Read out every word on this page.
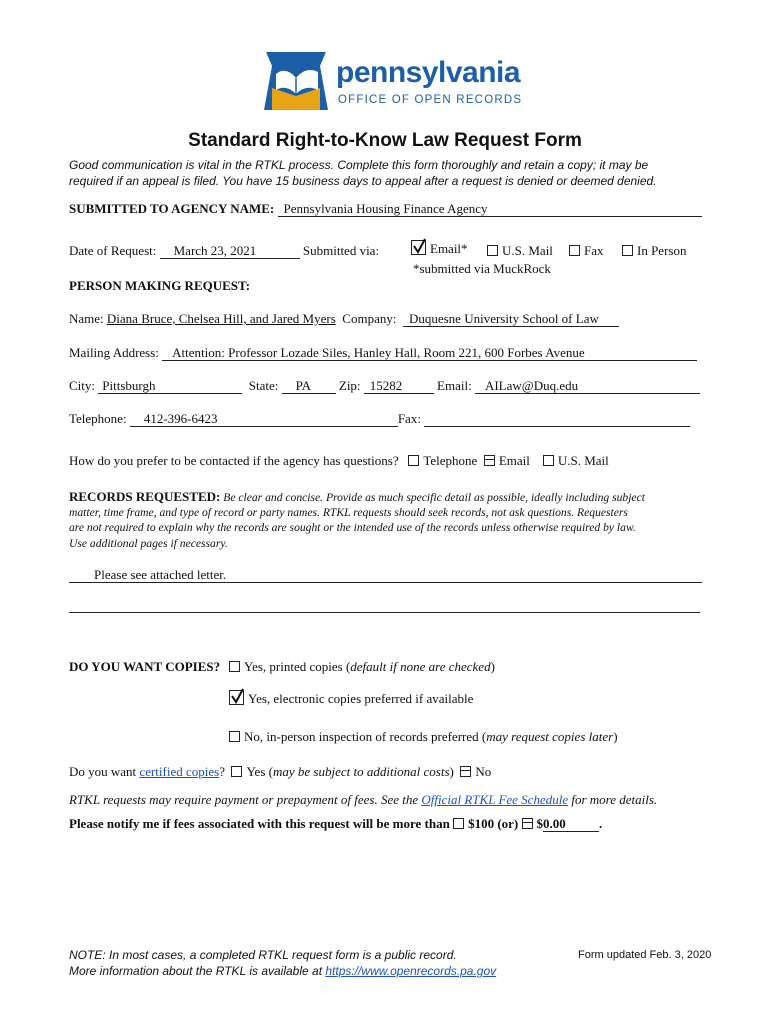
pennsylvania
OFFICE OF OPEN RECORDS
Standard Right-to-Know Law Request Form
Good communication is vital in the RTKL process. Complete this form thoroughly and retain a copy; it may be
required if an appeal is filed. You have 15 business days to appeal after a request is denied or deemed denied.
SUBMITTED TO AGENCY NAME: Pennsylvania Housing Finance Agency
Date of Request: March 23, 2021	Submitted via:	Email*	U.S. Mail	Fax	In Person
*submitted via MuckRock
PERSON MAKING REQUEST:
Name: Diana Bruce, Chelsea Hill, and Jared Myers Company: Duquesne University School of Law
Mailing Address: Attention: Professor Lozade Siles, Hanley Hall, Room 221, 600 Forbes Avenue
City: Pittsburgh	State: PA Zip: 15282	Email: AILaw@Duq.edu
Telephone: 412-396-6423	Fax:
How do you prefer to be contacted if the agency has questions? Telephone Email U.S. Mail
RECORDS REQUESTED: Be clear and concise. Provide as much specific detail as possible, ideally including subject
matter, time frame, and type of record or party names. RTKL requests should seek records, not ask questions. Requesters
are not required to explain why the records are sought or the intended use of the records unless otherwise required by law.
Use additional pages if necessary.
Please see attached letter.
DO YOU WANT COPIES?	Yes, printed copies (default if none are checked)
Yes, electronic copies preferred if available
No, in-person inspection of records preferred (may request copies later)
Do you want certified copies? Yes (may be subject to additional costs)  No
RTKL requests may require payment or prepayment of fees. See the Official RTKL Fee Schedule for more details.
Please notify me if fees associated with this request will be more than $100 (or) $0.00	.
NOTE: In most cases, a completed RTKL request form is a public record.
More information about the RTKL is available at https://www.openrecords.pa.gov
Form updated Feb. 3, 2020
